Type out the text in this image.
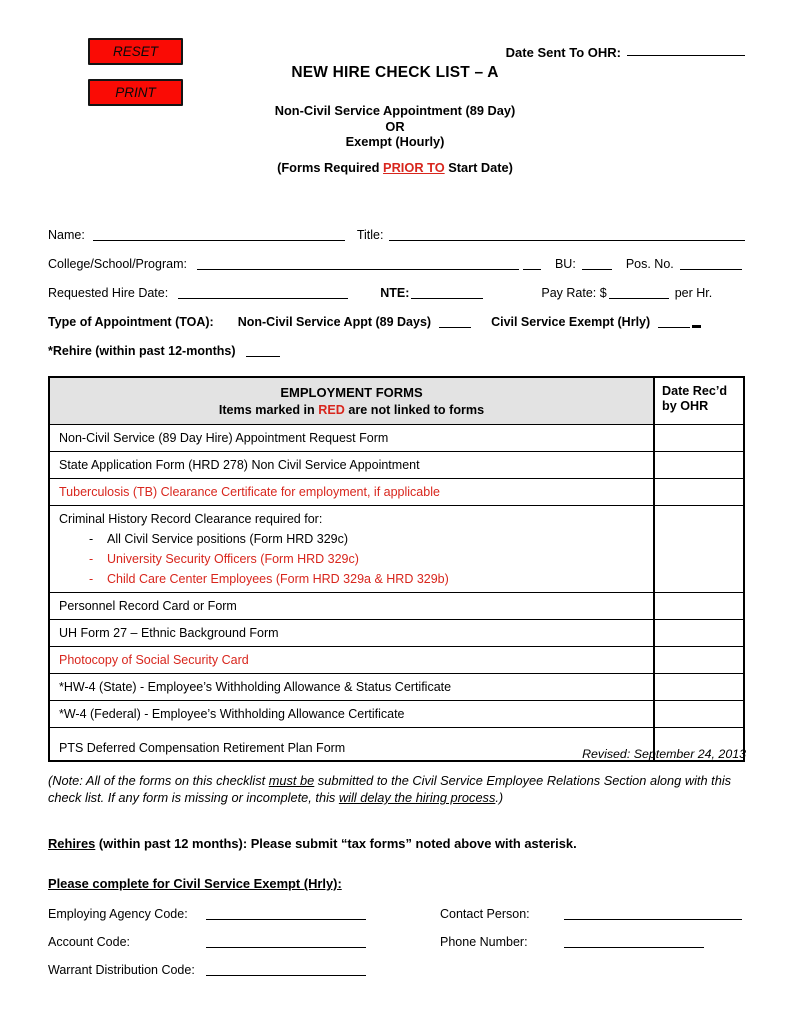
RESET
PRINT
Date Sent To OHR:
NEW HIRE CHECK LIST – A
Non-Civil Service Appointment (89 Day)
OR
Exempt (Hourly)
(Forms Required PRIOR TO Start Date)
Name:	Title:
College/School/Program:	BU:	Pos. No.
Requested Hire Date:	NTE:	Pay Rate: $	per Hr.
Type of Appointment (TOA): Non-Civil Service Appt (89 Days)	Civil Service Exempt (Hrly)
*Rehire (within past 12-months)
EMPLOYMENT FORMS
Items marked in RED are not linked to forms
Date Rec’d
by OHR
Non-Civil Service (89 Day Hire) Appointment Request Form
State Application Form (HRD 278) Non Civil Service Appointment
Tuberculosis (TB) Clearance Certificate for employment, if applicable
Criminal History Record Clearance required for:
- All Civil Service positions (Form HRD 329c)
- University Security Officers (Form HRD 329c)
- Child Care Center Employees (Form HRD 329a & HRD 329b)
Personnel Record Card or Form
UH Form 27 – Ethnic Background Form
Photocopy of Social Security Card
*HW-4 (State) - Employee’s Withholding Allowance & Status Certificate
*W-4 (Federal) - Employee’s Withholding Allowance Certificate
PTS Deferred Compensation Retirement Plan Form	Revised: September 24, 2013
(Note: All of the forms on this checklist must be submitted to the Civil Service Employee Relations Section along with this check list. If any form is missing or incomplete, this will delay the hiring process.)
Rehires (within past 12 months): Please submit “tax forms” noted above with asterisk.
Please complete for Civil Service Exempt (Hrly):
Employing Agency Code:	Contact Person:
Account Code:	Phone Number:
Warrant Distribution Code:
